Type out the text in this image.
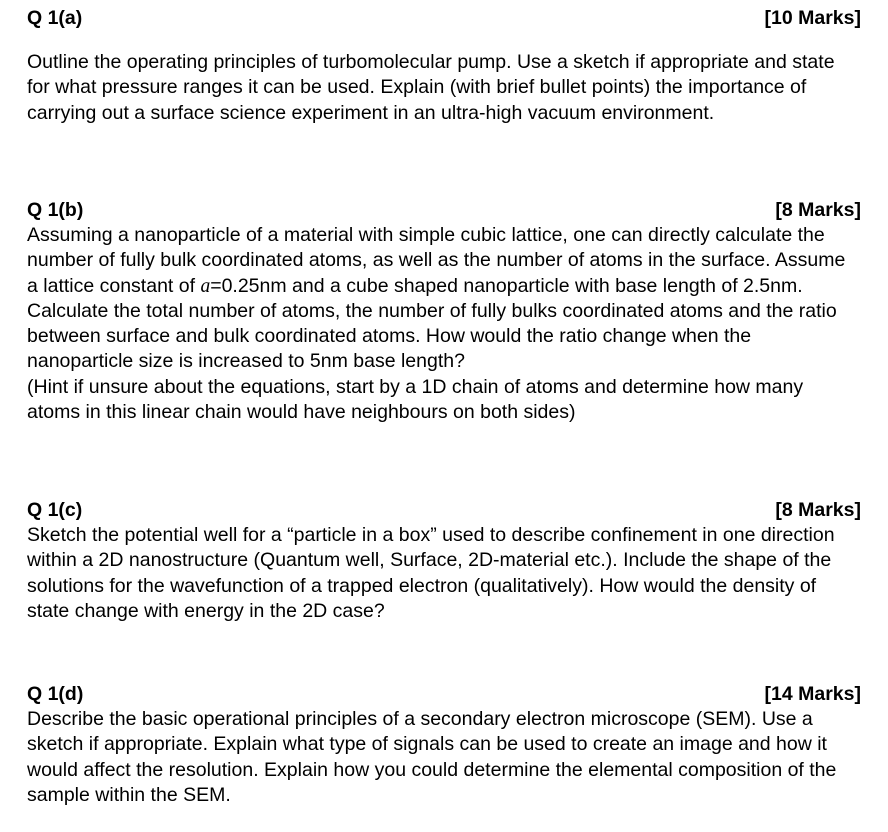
Q 1(a)	[10 Marks]

Outline the operating principles of turbomolecular pump. Use a sketch if appropriate and state for what pressure ranges it can be used. Explain (with brief bullet points) the importance of carrying out a surface science experiment in an ultra-high vacuum environment.

Q 1(b)	[8 Marks]

Assuming a nanoparticle of a material with simple cubic lattice, one can directly calculate the number of fully bulk coordinated atoms, as well as the number of atoms in the surface. Assume a lattice constant of a=0.25nm and a cube shaped nanoparticle with base length of 2.5nm. Calculate the total number of atoms, the number of fully bulks coordinated atoms and the ratio between surface and bulk coordinated atoms. How would the ratio change when the nanoparticle size is increased to 5nm base length?

(Hint if unsure about the equations, start by a 1D chain of atoms and determine how many atoms in this linear chain would have neighbours on both sides)

Q 1(c)	[8 Marks]

Sketch the potential well for a “particle in a box” used to describe confinement in one direction within a 2D nanostructure (Quantum well, Surface, 2D-material etc.). Include the shape of the solutions for the wavefunction of a trapped electron (qualitatively). How would the density of state change with energy in the 2D case?

Q 1(d)	[14 Marks]

Describe the basic operational principles of a secondary electron microscope (SEM). Use a sketch if appropriate. Explain what type of signals can be used to create an image and how it would affect the resolution. Explain how you could determine the elemental composition of the sample within the SEM.
